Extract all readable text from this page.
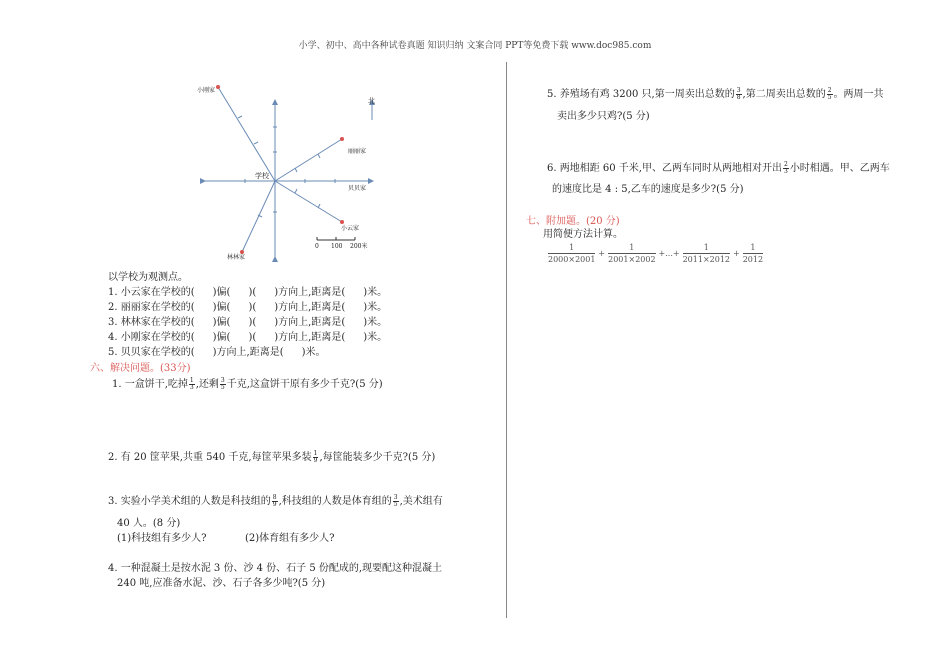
小学、初中、高中各种试卷真题 知识归纳 文案合同 PPT等免费下载 www.doc985.com
北
小刚家
学校
丽丽家
贝贝家
小云家
林林家
0 100 200米
以学校为观测点。
1. 小云家在学校的( )偏( )( )方向上,距离是( )米。
2. 丽丽家在学校的( )偏( )( )方向上,距离是( )米。
3. 林林家在学校的( )偏( )( )方向上,距离是( )米。
4. 小刚家在学校的( )偏( )( )方向上,距离是( )米。
5. 贝贝家在学校的( )方向上,距离是( )米。
六、解决问题。(33分)
1. 一盒饼干,吃掉 $\frac{1}{3}$ ,还剩 $\frac{3}{5}$ 千克,这盒饼干原有多少千克?(5 分)
2. 有 20 筐苹果,共重 540 千克,每筐苹果多装 $\frac{1}{9}$ ,每筐能装多少千克?(5 分)
3. 实验小学美术组的人数是科技组的 $\frac{8}{9}$ ,科技组的人数是体育组的 $\frac{3}{5}$ ,美术组有
40 人。(8 分)
(1)科技组有多少人?	(2)体育组有多少人?
4. 一种混凝土是按水泥 3 份、沙 4 份、石子 5 份配成的,现要配这种混凝土
240 吨,应准备水泥、沙、石子各多少吨?(5 分)
5. 养殖场有鸡 3200 只,第一周卖出总数的 $\frac{3}{8}$ ,第二周卖出总数的 $\frac{2}{5}$ 。两周一共
卖出多少只鸡?(5 分)
6. 两地相距 60 千米,甲、乙两车同时从两地相对开出 $\frac{2}{3}$ 小时相遇。甲、乙两车
的速度比是 4 : 5,乙车的速度是多少?(5 分)
七、附加题。(20 分)
用简便方法计算。
$\frac{1}{2000\times 2001} + \frac{1}{2001\times 2002}$ +...+ $\frac{1}{2011\times 2012} + \frac{1}{2012}$
